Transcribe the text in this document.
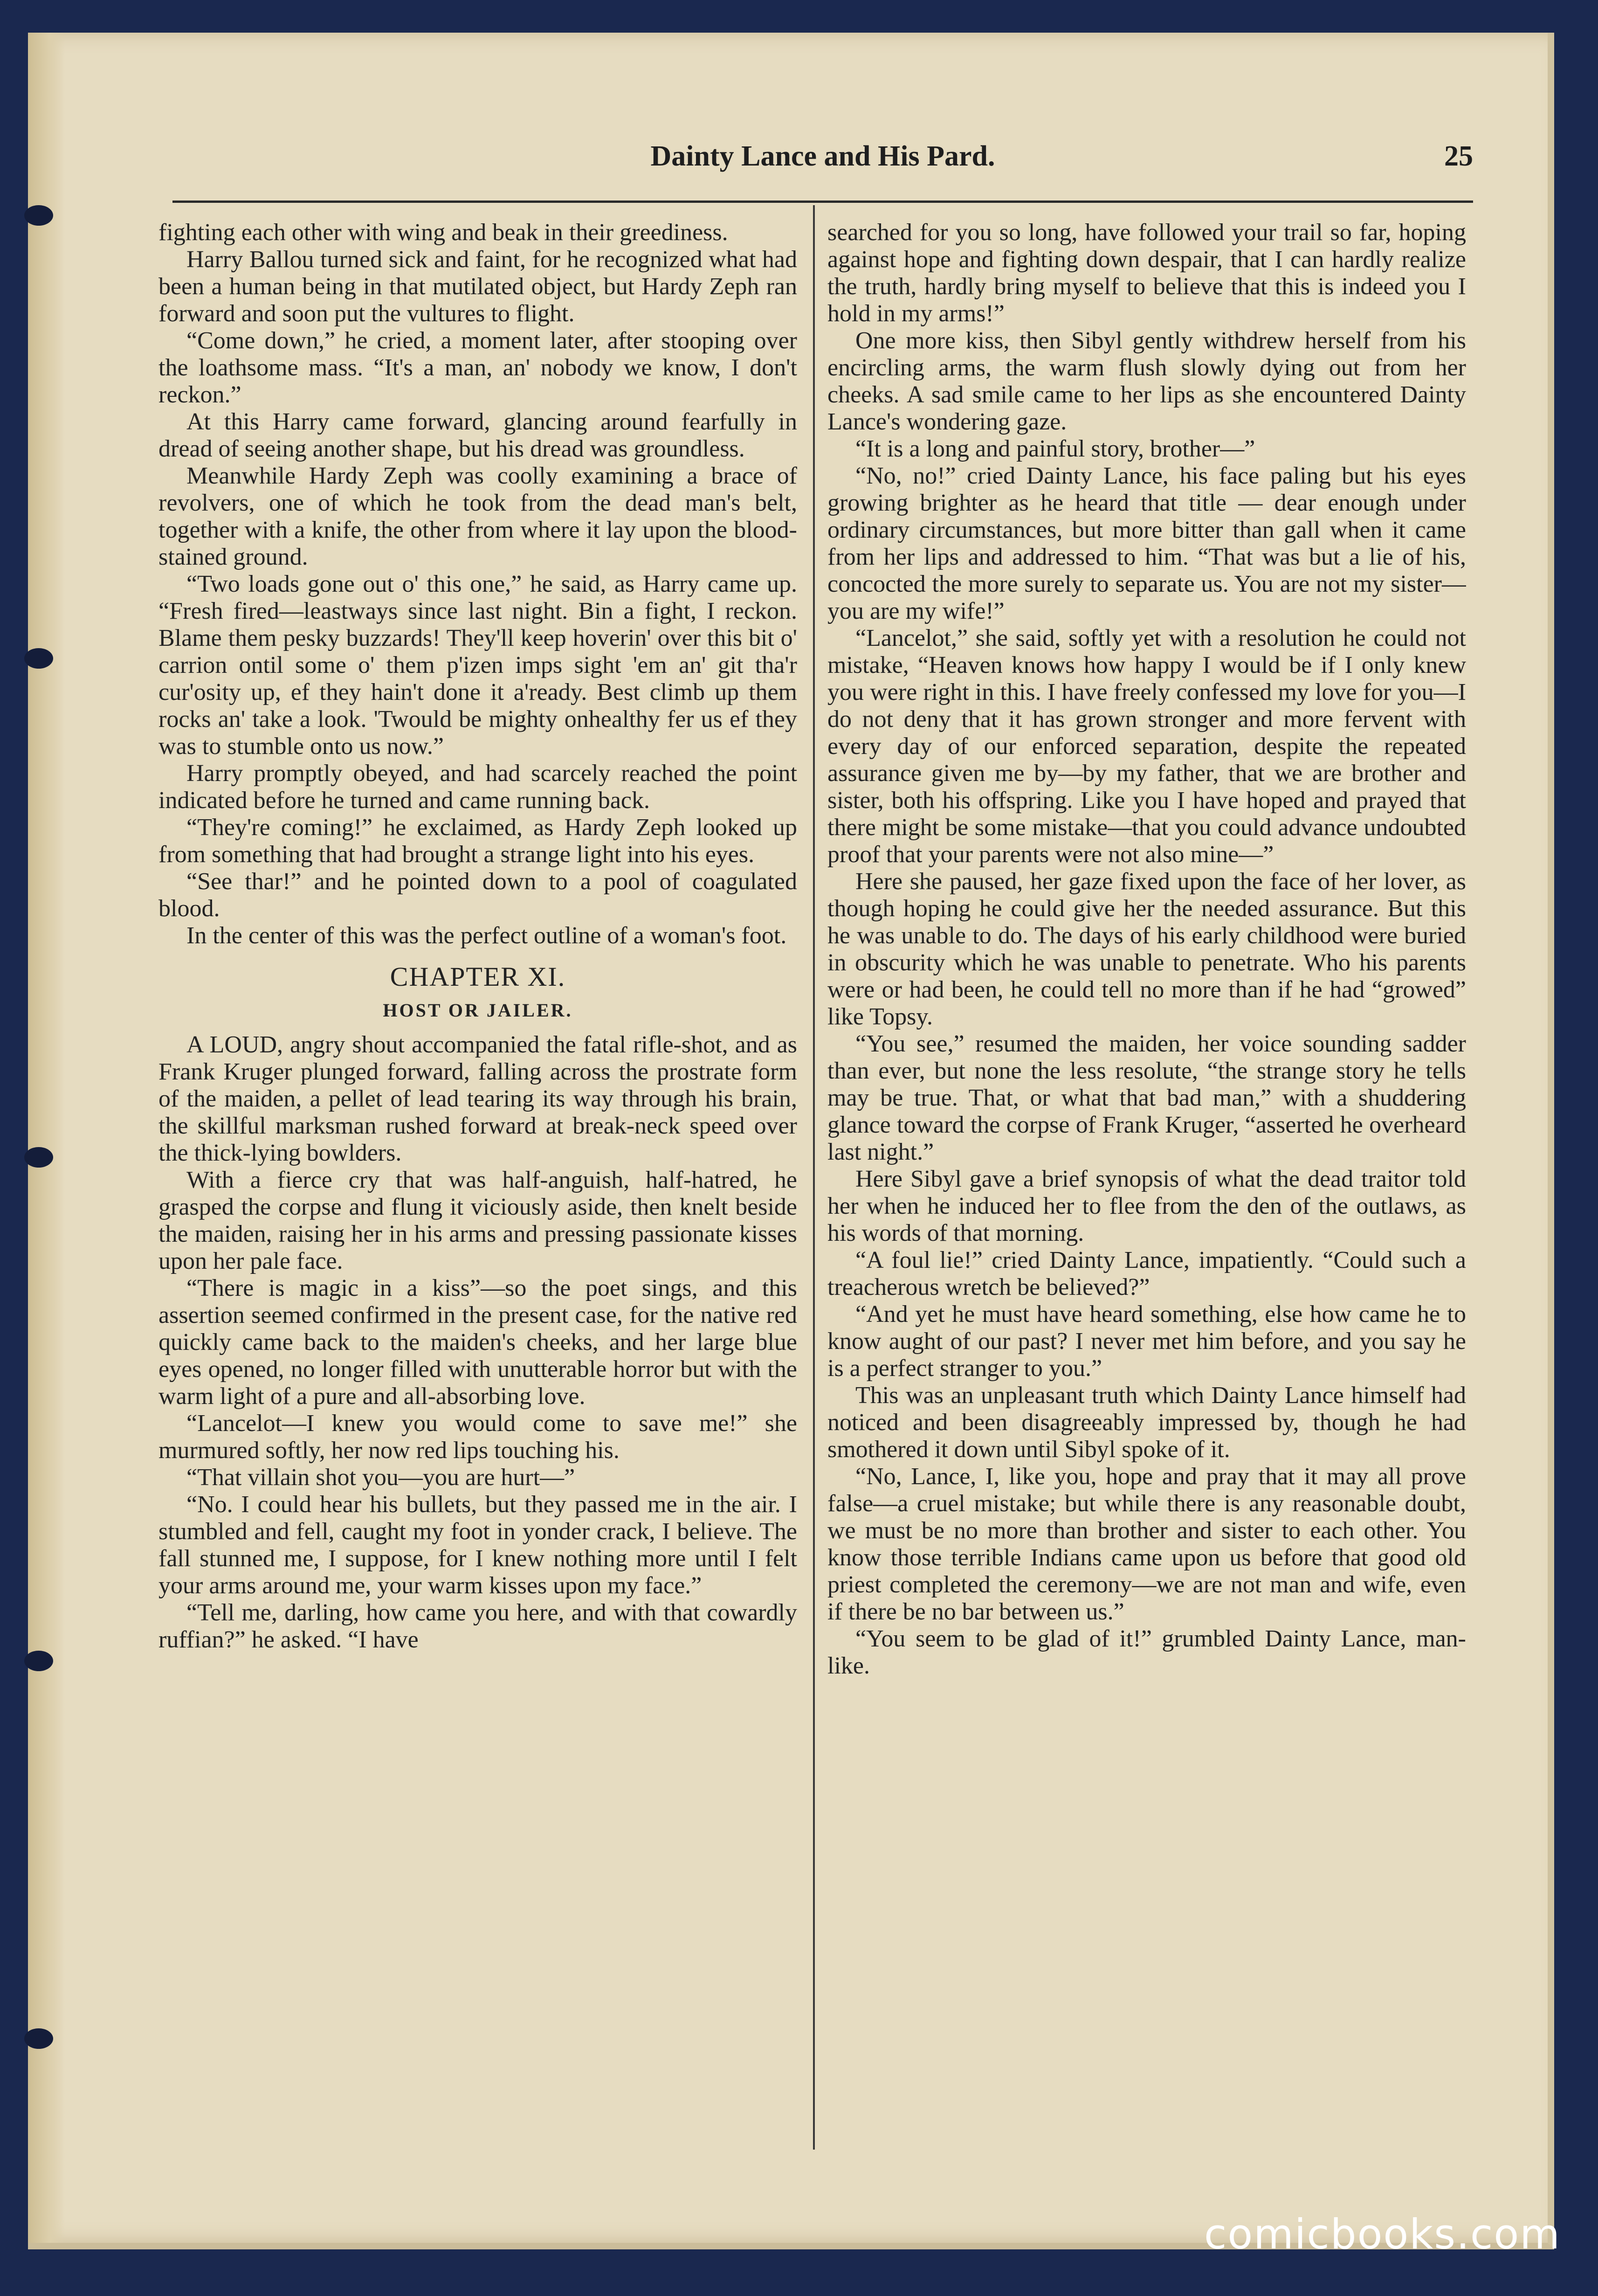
Dainty Lance and His Pard.	25

fighting each other with wing and beak in their greediness.

Harry Ballou turned sick and faint, for he recognized what had been a human being in that mutilated object, but Hardy Zeph ran forward and soon put the vultures to flight.

“Come down,” he cried, a moment later, after stooping over the loathsome mass. “It's a man, an' nobody we know, I don't reckon.”

At this Harry came forward, glancing around fearfully in dread of seeing another shape, but his dread was groundless.

Meanwhile Hardy Zeph was coolly examining a brace of revolvers, one of which he took from the dead man's belt, together with a knife, the other from where it lay upon the blood-stained ground.

“Two loads gone out o' this one,” he said, as Harry came up. “Fresh fired—leastways since last night. Bin a fight, I reckon. Blame them pesky buzzards! They'll keep hoverin' over this bit o' carrion ontil some o' them p'izen imps sight 'em an' git tha'r cur'osity up, ef they hain't done it a'ready. Best climb up them rocks an' take a look. 'Twould be mighty onhealthy fer us ef they was to stumble onto us now.”

Harry promptly obeyed, and had scarcely reached the point indicated before he turned and came running back.

“They're coming!” he exclaimed, as Hardy Zeph looked up from something that had brought a strange light into his eyes.

“See thar!” and he pointed down to a pool of coagulated blood.

In the center of this was the perfect outline of a woman's foot.

CHAPTER XI.
HOST OR JAILER.

A LOUD, angry shout accompanied the fatal rifle-shot, and as Frank Kruger plunged forward, falling across the prostrate form of the maiden, a pellet of lead tearing its way through his brain, the skillful marksman rushed forward at break-neck speed over the thick-lying bowlders.

With a fierce cry that was half-anguish, half-hatred, he grasped the corpse and flung it viciously aside, then knelt beside the maiden, raising her in his arms and pressing passionate kisses upon her pale face.

“There is magic in a kiss”—so the poet sings, and this assertion seemed confirmed in the present case, for the native red quickly came back to the maiden's cheeks, and her large blue eyes opened, no longer filled with unutterable horror but with the warm light of a pure and all-absorbing love.

“Lancelot—I knew you would come to save me!” she murmured softly, her now red lips touching his.

“That villain shot you—you are hurt—”

“No. I could hear his bullets, but they passed me in the air. I stumbled and fell, caught my foot in yonder crack, I believe. The fall stunned me, I suppose, for I knew nothing more until I felt your arms around me, your warm kisses upon my face.”

“Tell me, darling, how came you here, and with that cowardly ruffian?” he asked. “I have

searched for you so long, have followed your trail so far, hoping against hope and fighting down despair, that I can hardly realize the truth, hardly bring myself to believe that this is indeed you I hold in my arms!”

One more kiss, then Sibyl gently withdrew herself from his encircling arms, the warm flush slowly dying out from her cheeks. A sad smile came to her lips as she encountered Dainty Lance's wondering gaze.

“It is a long and painful story, brother—”

“No, no!” cried Dainty Lance, his face paling but his eyes growing brighter as he heard that title — dear enough under ordinary circumstances, but more bitter than gall when it came from her lips and addressed to him. “That was but a lie of his, concocted the more surely to separate us. You are not my sister—you are my wife!”

“Lancelot,” she said, softly yet with a resolution he could not mistake, “Heaven knows how happy I would be if I only knew you were right in this. I have freely confessed my love for you—I do not deny that it has grown stronger and more fervent with every day of our enforced separation, despite the repeated assurance given me by—by my father, that we are brother and sister, both his offspring. Like you I have hoped and prayed that there might be some mistake—that you could advance undoubted proof that your parents were not also mine—”

Here she paused, her gaze fixed upon the face of her lover, as though hoping he could give her the needed assurance. But this he was unable to do. The days of his early childhood were buried in obscurity which he was unable to penetrate. Who his parents were or had been, he could tell no more than if he had “growed” like Topsy.

“You see,” resumed the maiden, her voice sounding sadder than ever, but none the less resolute, “the strange story he tells may be true. That, or what that bad man,” with a shuddering glance toward the corpse of Frank Kruger, “asserted he overheard last night.”

Here Sibyl gave a brief synopsis of what the dead traitor told her when he induced her to flee from the den of the outlaws, as his words of that morning.

“A foul lie!” cried Dainty Lance, impatiently. “Could such a treacherous wretch be believed?”

“And yet he must have heard something, else how came he to know aught of our past? I never met him before, and you say he is a perfect stranger to you.”

This was an unpleasant truth which Dainty Lance himself had noticed and been disagreeably impressed by, though he had smothered it down until Sibyl spoke of it.

“No, Lance, I, like you, hope and pray that it may all prove false—a cruel mistake; but while there is any reasonable doubt, we must be no more than brother and sister to each other. You know those terrible Indians came upon us before that good old priest completed the ceremony—we are not man and wife, even if there be no bar between us.”

“You seem to be glad of it!” grumbled Dainty Lance, man-like.

comicbooks.com
